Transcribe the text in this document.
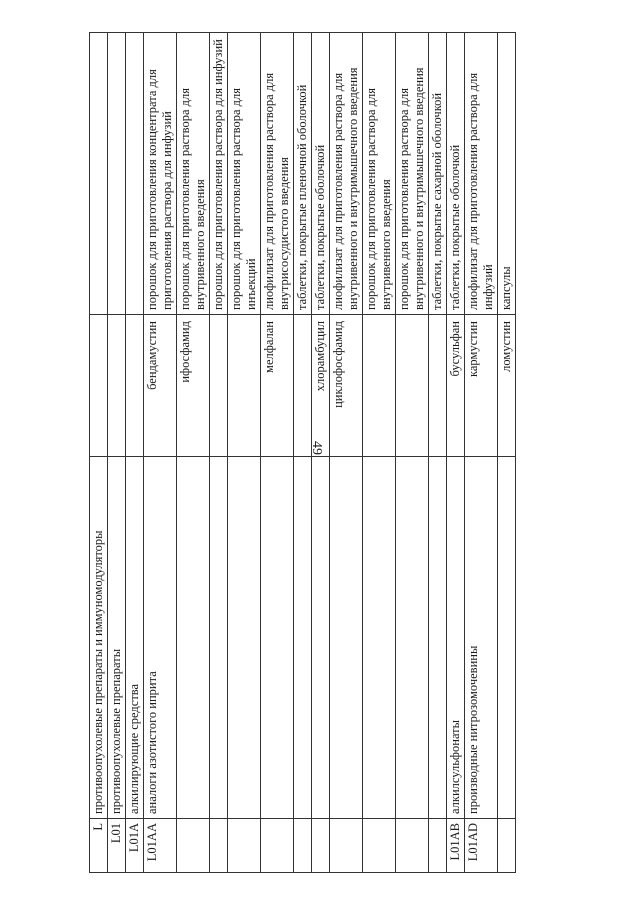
49
L	противоопухолевые препараты и иммуномодуляторы		
L01	противоопухолевые препараты		
L01A	алкилирующие средства		
L01AA	аналоги азотистого иприта	бендамустин	порошок для приготовления концентрата для приготовления раствора для инфузий
		ифосфамид	порошок для приготовления раствора для внутривенного введения
			порошок для приготовления раствора для инфузий
			порошок для приготовления раствора для инъекций
		мелфалан	лиофилизат для приготовления раствора для внутрисосудистого введения
			таблетки, покрытые пленочной оболочкой
		хлорамбуцил	таблетки, покрытые оболочкой
		циклофосфамид	лиофилизат для приготовления раствора для внутривенного и внутримышечного введения
			порошок для приготовления раствора для внутривенного введения
			порошок для приготовления раствора для внутривенного и внутримышечного введения
			таблетки, покрытые сахарной оболочкой
L01AB	алкилсульфонаты	бусульфан	таблетки, покрытые оболочкой
L01AD	производные нитрозомочевины	кармустин	лиофилизат для приготовления раствора для инфузий
		ломустин	капсулы
